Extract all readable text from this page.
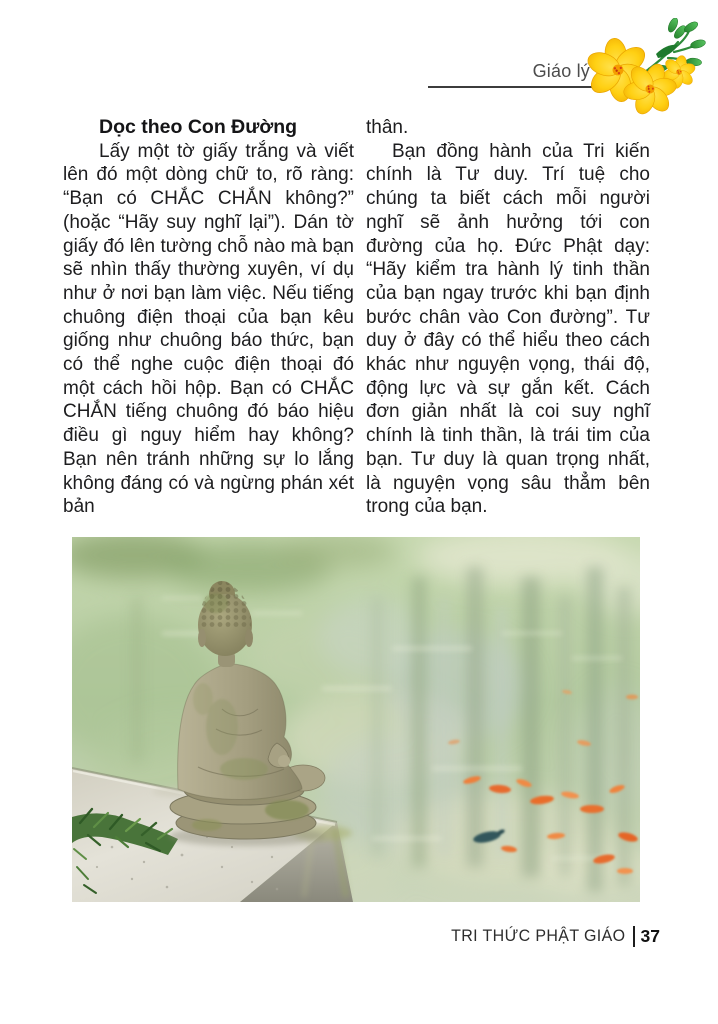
Giáo lý
Dọc theo Con Đường

Lấy một tờ giấy trắng và viết lên đó một dòng chữ to, rõ ràng: “Bạn có CHẮC CHẮN không?” (hoặc “Hãy suy nghĩ lại”). Dán tờ giấy đó lên tường chỗ nào mà bạn sẽ nhìn thấy thường xuyên, ví dụ như ở nơi bạn làm việc. Nếu tiếng chuông điện thoại của bạn kêu giống như chuông báo thức, bạn có thể nghe cuộc điện thoại đó một cách hồi hộp. Bạn có CHẮC CHẮN tiếng chuông đó báo hiệu điều gì nguy hiểm hay không? Bạn nên tránh những sự lo lắng không đáng có và ngừng phán xét bản

thân.

Bạn đồng hành của Tri kiến chính là Tư duy. Trí tuệ cho chúng ta biết cách mỗi người nghĩ sẽ ảnh hưởng tới con đường của họ. Đức Phật dạy: “Hãy kiểm tra hành lý tinh thần của bạn ngay trước khi bạn định bước chân vào Con đường”. Tư duy ở đây có thể hiểu theo cách khác như nguyện vọng, thái độ, động lực và sự gắn kết. Cách đơn giản nhất là coi suy nghĩ chính là tinh thần, là trái tim của bạn. Tư duy là quan trọng nhất, là nguyện vọng sâu thẳm bên trong của bạn.

TRI THỨC PHẬT GIÁO 37
